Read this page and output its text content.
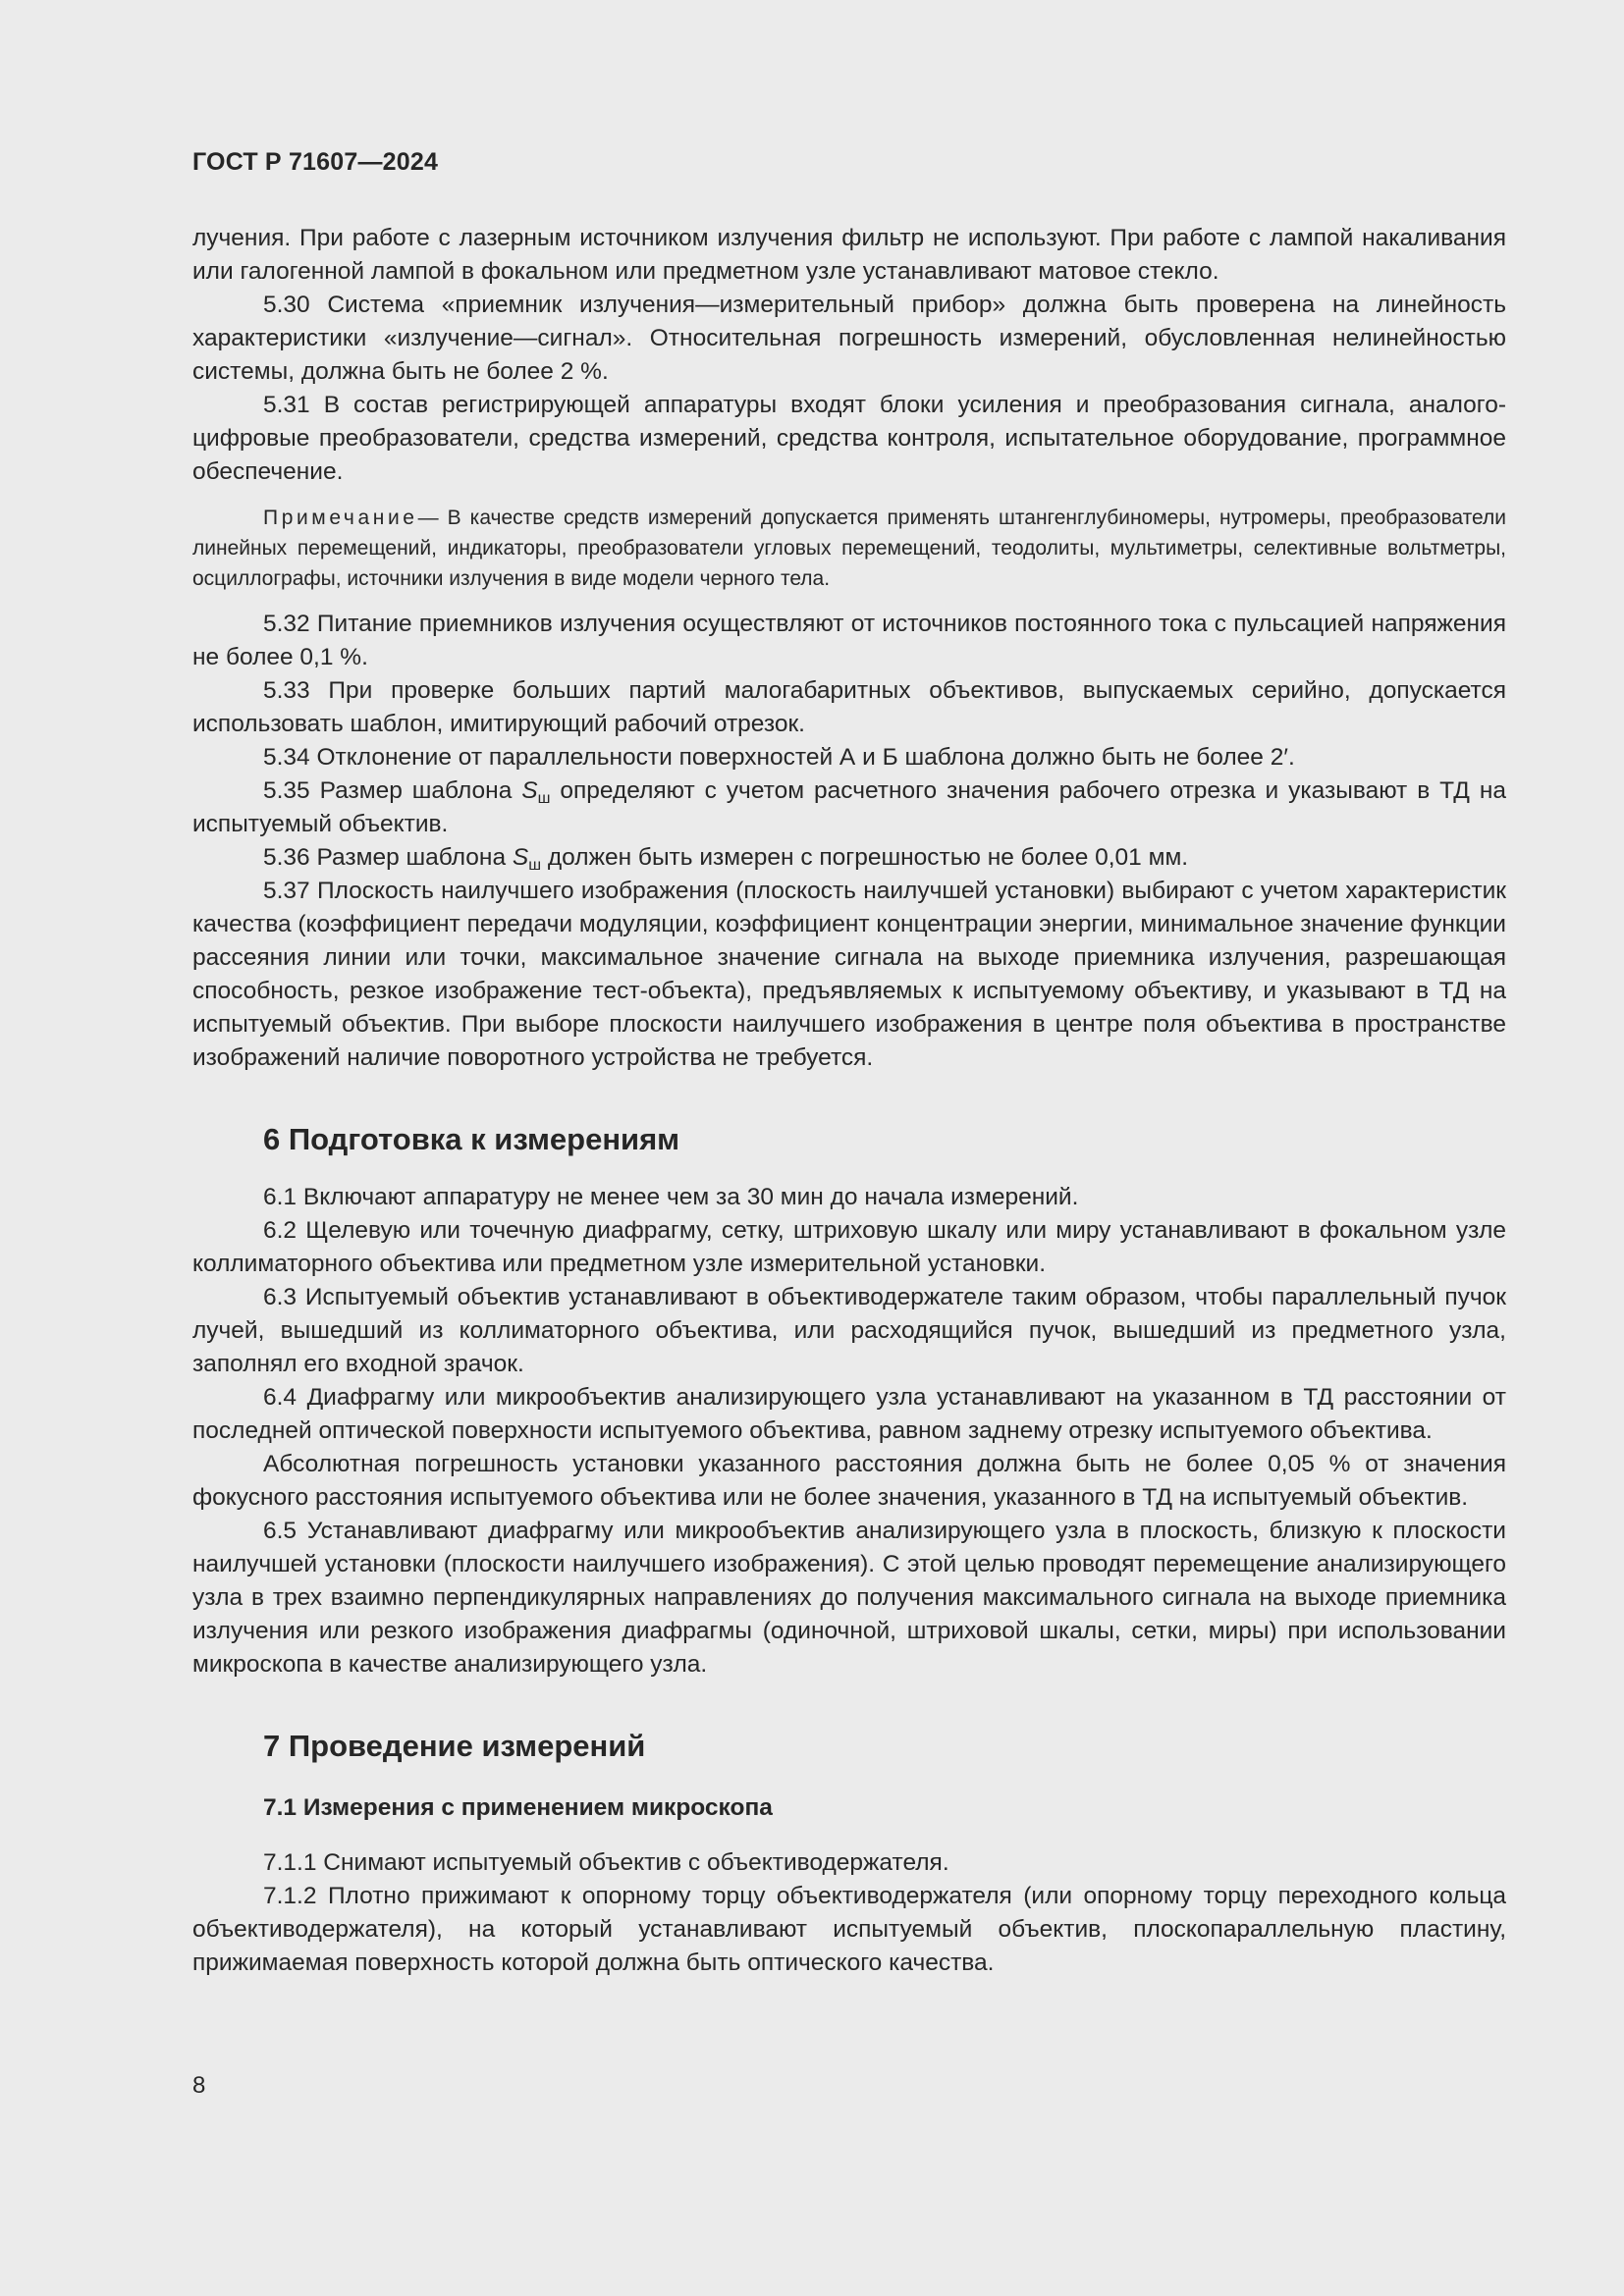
ГОСТ Р 71607—2024

лучения. При работе с лазерным источником излучения фильтр не используют. При работе с лампой накаливания или галогенной лампой в фокальном или предметном узле устанавливают матовое стекло.

5.30 Система «приемник излучения—измерительный прибор» должна быть проверена на линейность характеристики «излучение—сигнал». Относительная погрешность измерений, обусловленная нелинейностью системы, должна быть не более 2 %.

5.31 В состав регистрирующей аппаратуры входят блоки усиления и преобразования сигнала, аналого-цифровые преобразователи, средства измерений, средства контроля, испытательное оборудование, программное обеспечение.

Примечание— В качестве средств измерений допускается применять штангенглубиномеры, нутромеры, преобразователи линейных перемещений, индикаторы, преобразователи угловых перемещений, теодолиты, мультиметры, селективные вольтметры, осциллографы, источники излучения в виде модели черного тела.

5.32 Питание приемников излучения осуществляют от источников постоянного тока с пульсацией напряжения не более 0,1 %.

5.33 При проверке больших партий малогабаритных объективов, выпускаемых серийно, допускается использовать шаблон, имитирующий рабочий отрезок.

5.34 Отклонение от параллельности поверхностей А и Б шаблона должно быть не более 2′.

5.35 Размер шаблона $S_ш$ определяют с учетом расчетного значения рабочего отрезка и указывают в ТД на испытуемый объектив.

5.36 Размер шаблона $S_ш$ должен быть измерен с погрешностью не более 0,01 мм.

5.37 Плоскость наилучшего изображения (плоскость наилучшей установки) выбирают с учетом характеристик качества (коэффициент передачи модуляции, коэффициент концентрации энергии, минимальное значение функции рассеяния линии или точки, максимальное значение сигнала на выходе приемника излучения, разрешающая способность, резкое изображение тест-объекта), предъявляемых к испытуемому объективу, и указывают в ТД на испытуемый объектив. При выборе плоскости наилучшего изображения в центре поля объектива в пространстве изображений наличие поворотного устройства не требуется.

6 Подготовка к измерениям

6.1 Включают аппаратуру не менее чем за 30 мин до начала измерений.

6.2 Щелевую или точечную диафрагму, сетку, штриховую шкалу или миру устанавливают в фокальном узле коллиматорного объектива или предметном узле измерительной установки.

6.3 Испытуемый объектив устанавливают в объективодержателе таким образом, чтобы параллельный пучок лучей, вышедший из коллиматорного объектива, или расходящийся пучок, вышедший из предметного узла, заполнял его входной зрачок.

6.4 Диафрагму или микрообъектив анализирующего узла устанавливают на указанном в ТД расстоянии от последней оптической поверхности испытуемого объектива, равном заднему отрезку испытуемого объектива.

Абсолютная погрешность установки указанного расстояния должна быть не более 0,05 % от значения фокусного расстояния испытуемого объектива или не более значения, указанного в ТД на испытуемый объектив.

6.5 Устанавливают диафрагму или микрообъектив анализирующего узла в плоскость, близкую к плоскости наилучшей установки (плоскости наилучшего изображения). С этой целью проводят перемещение анализирующего узла в трех взаимно перпендикулярных направлениях до получения максимального сигнала на выходе приемника излучения или резкого изображения диафрагмы (одиночной, штриховой шкалы, сетки, миры) при использовании микроскопа в качестве анализирующего узла.

7 Проведение измерений
7.1 Измерения с применением микроскопа

7.1.1 Снимают испытуемый объектив с объективодержателя.

7.1.2 Плотно прижимают к опорному торцу объективодержателя (или опорному торцу переходного кольца объективодержателя), на который устанавливают испытуемый объектив, плоскопараллельную пластину, прижимаемая поверхность которой должна быть оптического качества.

8
